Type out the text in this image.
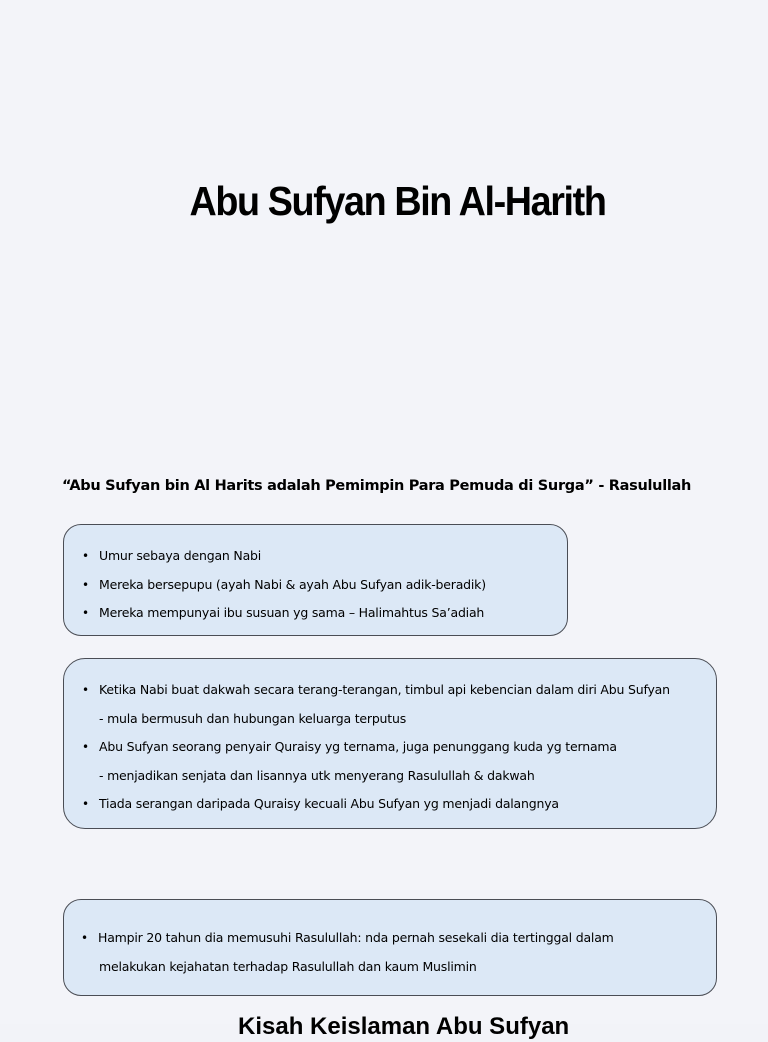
Abu Sufyan Bin Al-Harith
“Abu Sufyan bin Al Harits adalah Pemimpin Para Pemuda di Surga” - Rasulullah
• Umur sebaya dengan Nabi
• Mereka bersepupu (ayah Nabi & ayah Abu Sufyan adik-beradik)
• Mereka mempunyai ibu susuan yg sama – Halimahtus Sa’adiah
• Ketika Nabi buat dakwah secara terang-terangan, timbul api kebencian dalam diri Abu Sufyan
- mula bermusuh dan hubungan keluarga terputus
• Abu Sufyan seorang penyair Quraisy yg ternama, juga penunggang kuda yg ternama
- menjadikan senjata dan lisannya utk menyerang Rasulullah & dakwah
• Tiada serangan daripada Quraisy kecuali Abu Sufyan yg menjadi dalangnya
• Hampir 20 tahun dia memusuhi Rasulullah: nda pernah sesekali dia tertinggal dalam
melakukan kejahatan terhadap Rasulullah dan kaum Muslimin
Kisah Keislaman Abu Sufyan
